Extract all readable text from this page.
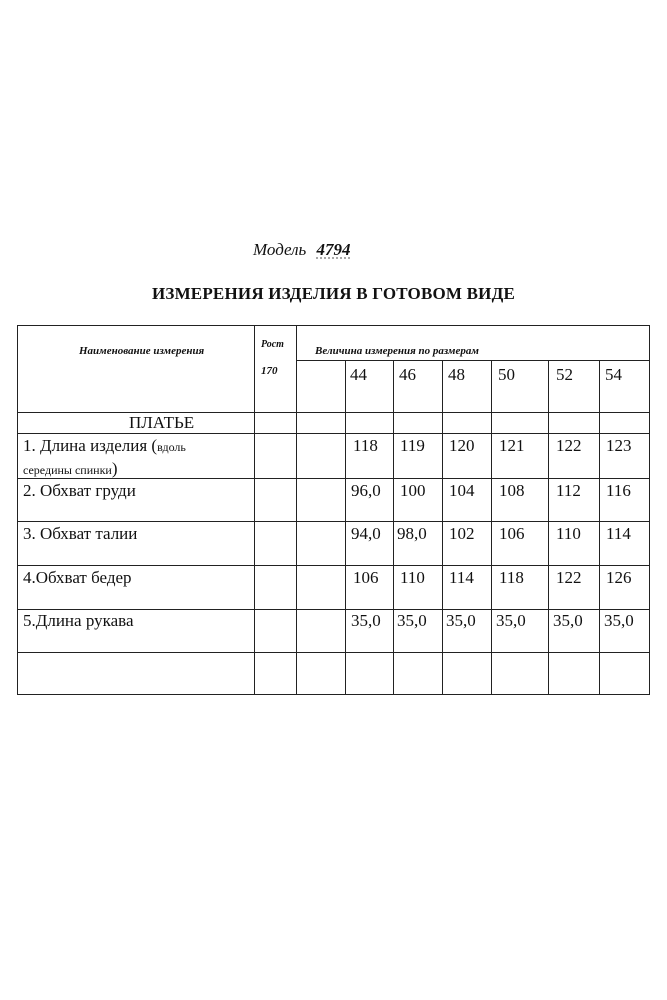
Модель 4794
ИЗМЕРЕНИЯ ИЗДЕЛИЯ В ГОТОВОМ ВИДЕ
Наименование измерения
Рост
170
Величина измерения по размерам
44 46 48 50 52 54
ПЛАТЬЕ
1. Длина изделия (вдоль
середины спинки)
118 119 120 121 122 123
2. Обхват груди	96,0 100 104 108 112 116
3. Обхват талии	94,0 98,0 102 106 110 114
4.Обхват бедер	106 110 114 118 122 126
5.Длина рукава	35,0 35,0 35,0 35,0 35,0 35,0
